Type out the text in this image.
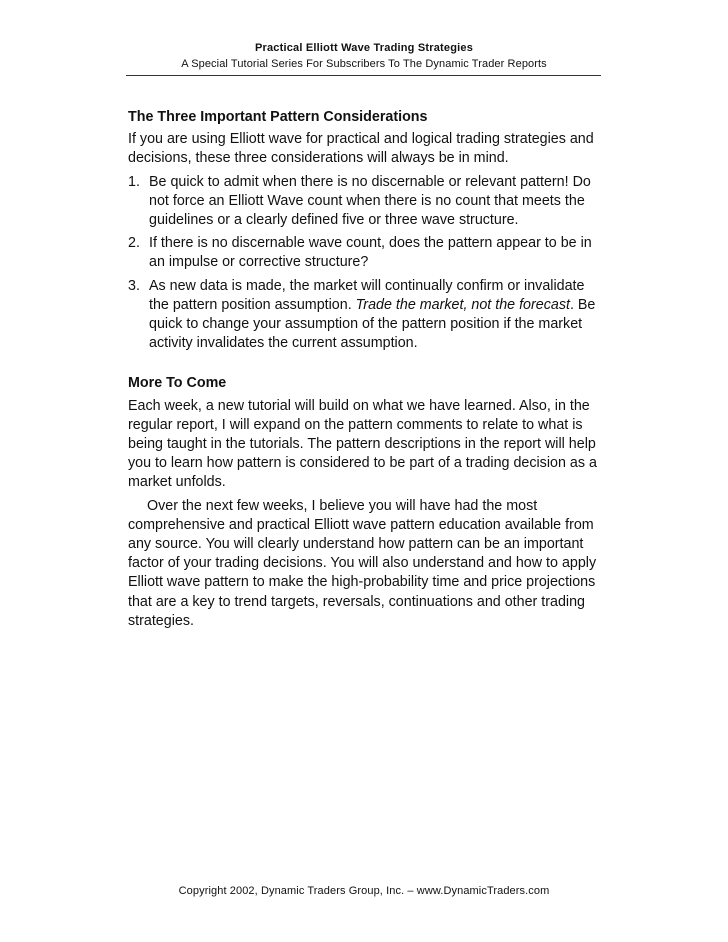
Practical Elliott Wave Trading Strategies
A Special Tutorial Series For Subscribers To The Dynamic Trader Reports
The Three Important Pattern Considerations

If you are using Elliott wave for practical and logical trading strategies and decisions, these three considerations will always be in mind.

1. Be quick to admit when there is no discernable or relevant pattern! Do not force an Elliott Wave count when there is no count that meets the guidelines or a clearly defined five or three wave structure.
2. If there is no discernable wave count, does the pattern appear to be in an impulse or corrective structure?
3. As new data is made, the market will continually confirm or invalidate the pattern position assumption. Trade the market, not the forecast. Be quick to change your assumption of the pattern position if the market activity invalidates the current assumption.
More To Come

Each week, a new tutorial will build on what we have learned. Also, in the regular report, I will expand on the pattern comments to relate to what is being taught in the tutorials. The pattern descriptions in the report will help you to learn how pattern is considered to be part of a trading decision as a market unfolds.

Over the next few weeks, I believe you will have had the most comprehensive and practical Elliott wave pattern education available from any source. You will clearly understand how pattern can be an important factor of your trading decisions. You will also understand and how to apply Elliott wave pattern to make the high-probability time and price projections that are a key to trend targets, reversals, continuations and other trading strategies.

Copyright 2002, Dynamic Traders Group, Inc. – www.DynamicTraders.com
